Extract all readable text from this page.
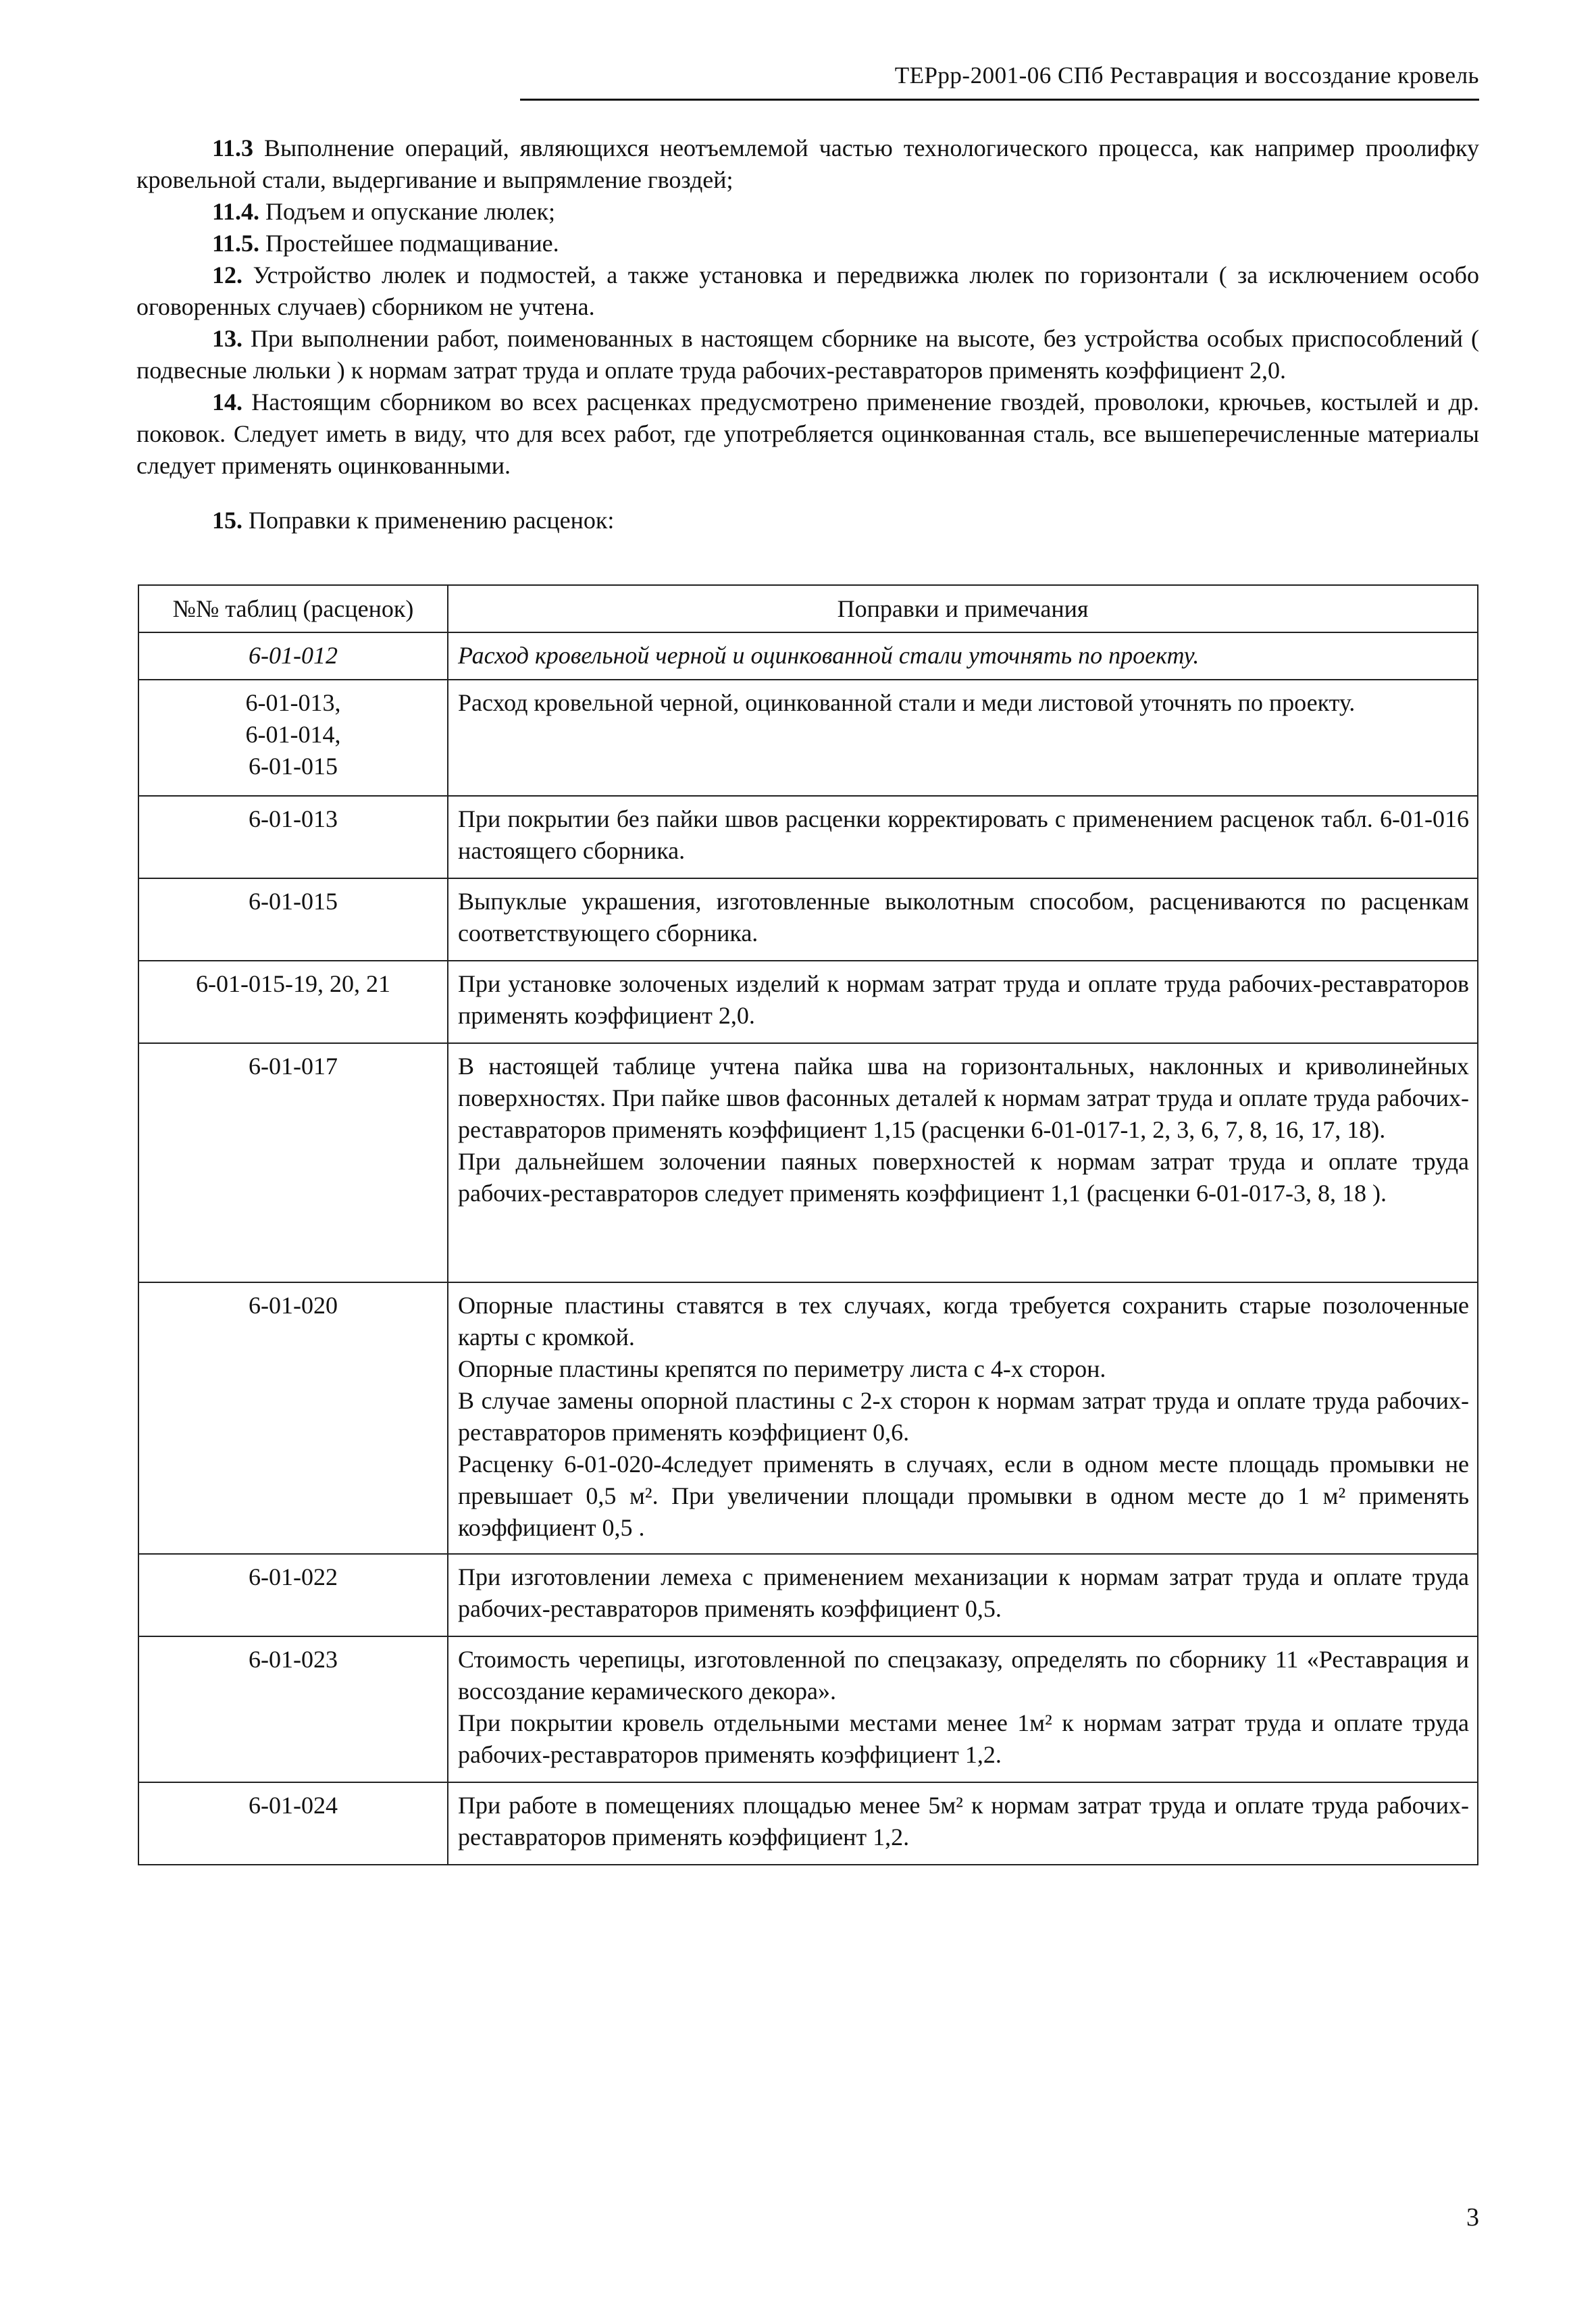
ТЕРрр-2001-06 СПб Реставрация и воссоздание кровель

11.3 Выполнение операций, являющихся неотъемлемой частью технологического процесса, как например проолифку кровельной стали, выдергивание и выпрямление гвоздей;

11.4. Подъем и опускание люлек;

11.5. Простейшее подмащивание.

12. Устройство люлек и подмостей, а также установка и передвижка люлек по горизонтали ( за исключением особо оговоренных случаев) сборником не учтена.

13. При выполнении работ, поименованных в настоящем сборнике на высоте, без устройства особых приспособлений ( подвесные люльки ) к нормам затрат труда и оплате труда рабочих-реставраторов применять коэффициент 2,0.

14. Настоящим сборником во всех расценках предусмотрено применение гвоздей, проволоки, крючьев, костылей и др. поковок. Следует иметь в виду, что для всех работ, где употребляется оцинкованная сталь, все вышеперечисленные материалы следует применять оцинкованными.

15. Поправки к применению расценок:

№№ таблиц (расценок)	Поправки и примечания
6-01-012	Расход кровельной черной и оцинкованной стали уточнять по проекту.

6-01-013,
6-01-014,
6-01-015	Расход кровельной черной, оцинкованной стали и меди листовой уточнять по проекту.

6-01-013	При покрытии без пайки швов расценки корректировать с применением расценок табл. 6-01-016 настоящего сборника.

6-01-015	Выпуклые украшения, изготовленные выколотным способом, расцениваются по расценкам соответствующего сборника.

6-01-015-19, 20, 21	При установке золоченых изделий к нормам затрат труда и оплате труда рабочих-реставраторов применять коэффициент 2,0.

6-01-017	В настоящей таблице учтена пайка шва на горизонтальных, наклонных и криволинейных поверхностях. При пайке швов фасонных деталей к нормам затрат труда и оплате труда рабочих-реставраторов применять коэффициент 1,15 (расценки 6-01-017-1, 2, 3, 6, 7, 8, 16, 17, 18).

При дальнейшем золочении паяных поверхностей к нормам затрат труда и оплате труда рабочих-реставраторов следует применять коэффициент 1,1 (расценки 6-01-017-3, 8, 18 ).

6-01-020	Опорные пластины ставятся в тех случаях, когда требуется сохранить старые позолоченные карты с кромкой.

Опорные пластины крепятся по периметру листа с 4-х сторон.

В случае замены опорной пластины с 2-х сторон к нормам затрат труда и оплате труда рабочих-реставраторов применять коэффициент 0,6.

Расценку 6-01-020-4следует применять в случаях, если в одном месте площадь промывки не превышает 0,5 м². При увеличении площади промывки в одном месте до 1 м² применять коэффициент 0,5 .

6-01-022	При изготовлении лемеха с применением механизации к нормам затрат труда и оплате труда рабочих-реставраторов применять коэффициент 0,5.

6-01-023	Стоимость черепицы, изготовленной по спецзаказу, определять по сборнику 11 «Реставрация и воссоздание керамического декора».

При покрытии кровель отдельными местами менее 1м² к нормам затрат труда и оплате труда рабочих-реставраторов применять коэффициент 1,2.

6-01-024	При работе в помещениях площадью менее 5м² к нормам затрат труда и оплате труда рабочих-реставраторов применять коэффициент 1,2.

3
